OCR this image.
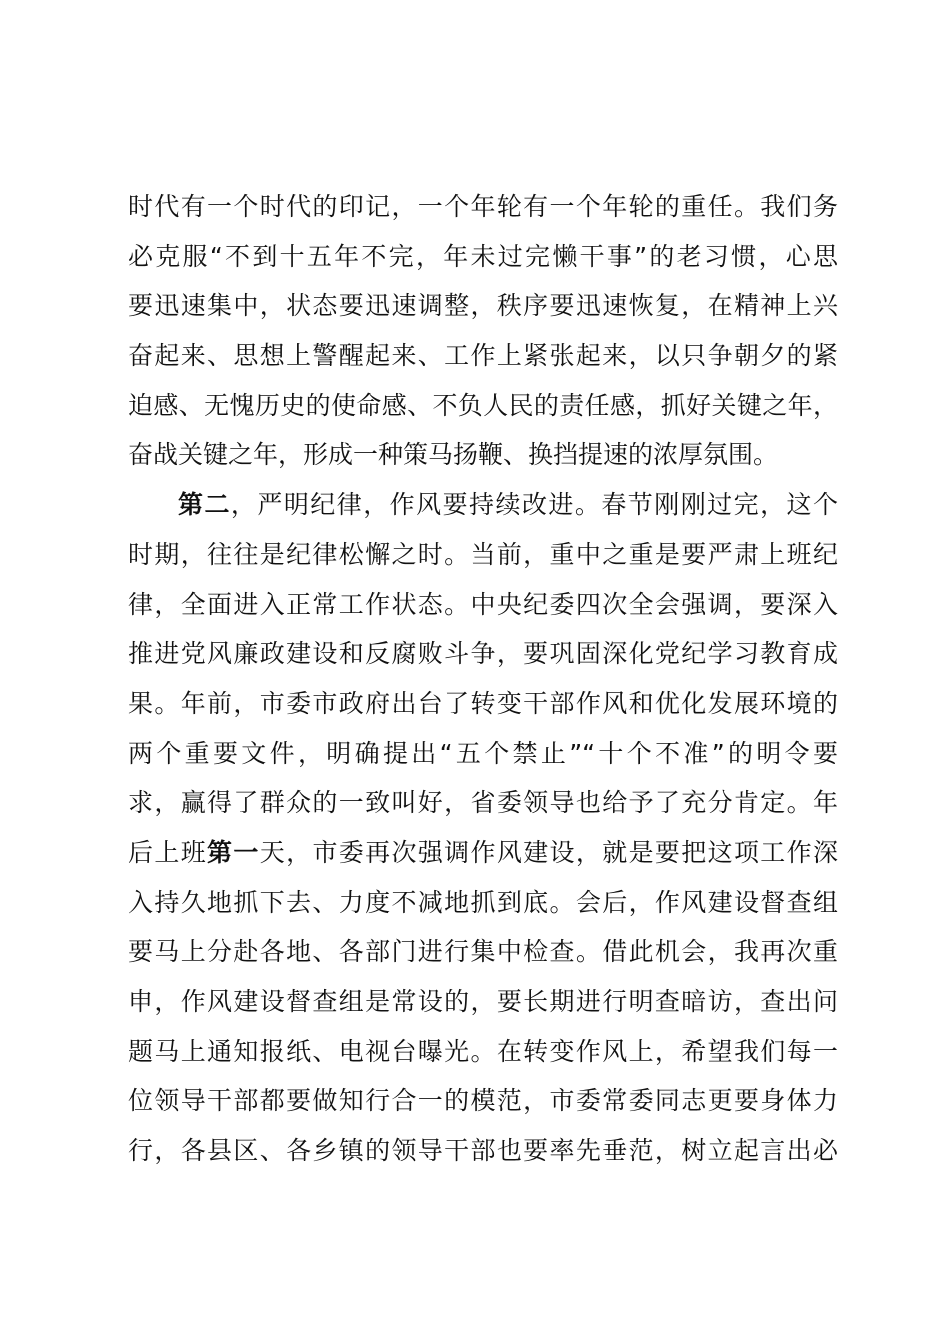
时代有一个时代的印记，一个年轮有一个年轮的重任。我们务
必克服“不到十五年不完，年未过完懒干事”的老习惯，心思
要迅速集中，状态要迅速调整，秩序要迅速恢复，在精神上兴
奋起来、思想上警醒起来、工作上紧张起来，以只争朝夕的紧
迫感、无愧历史的使命感、不负人民的责任感，抓好关键之年，
奋战关键之年，形成一种策马扬鞭、换挡提速的浓厚氛围。
第二，严明纪律，作风要持续改进。春节刚刚过完，这个
时期，往往是纪律松懈之时。当前，重中之重是要严肃上班纪
律，全面进入正常工作状态。中央纪委四次全会强调，要深入
推进党风廉政建设和反腐败斗争，要巩固深化党纪学习教育成
果。年前，市委市政府出台了转变干部作风和优化发展环境的
两个重要文件，明确提出“五个禁止”“十个不准”的明令要
求，赢得了群众的一致叫好，省委领导也给予了充分肯定。年
后上班第一天，市委再次强调作风建设，就是要把这项工作深
入持久地抓下去、力度不减地抓到底。会后，作风建设督查组
要马上分赴各地、各部门进行集中检查。借此机会，我再次重
申，作风建设督查组是常设的，要长期进行明查暗访，查出问
题马上通知报纸、电视台曝光。在转变作风上，希望我们每一
位领导干部都要做知行合一的模范，市委常委同志更要身体力
行，各县区、各乡镇的领导干部也要率先垂范，树立起言出必
